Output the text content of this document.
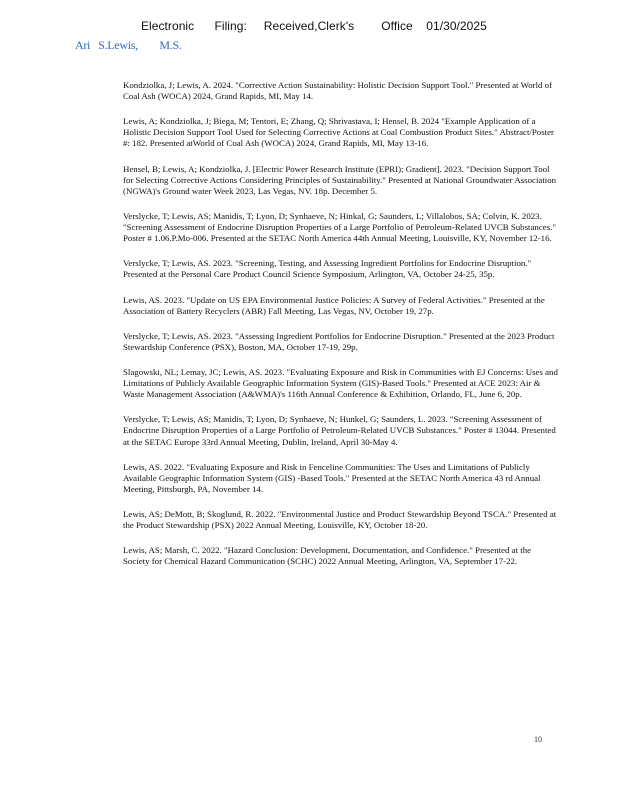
Electronic      Filing:     Received,Clerk's        Office    01/30/2025
Ari   S.Lewis,        M.S.

Kondziolka, J; Lewis, A. 2024. "Corrective Action Sustainability: Holistic Decision Support Tool." Presented at World of Coal Ash (WOCA) 2024, Grand Rapids, MI, May 14.

Lewis, A; Kondziolka, J; Biega, M; Tentori, E; Zhang, Q; Shrivastava, I; Hensel, B. 2024 "Example Application of a Holistic Decision Support Tool Used for Selecting Corrective Actions at Coal Combustion Product Sites." Abstract/Poster #: 182. Presented atWorld of Coal Ash (WOCA) 2024, Grand Rapids, MI, May 13-16.

Hensel, B; Lewis, A; Kondziolka, J. [Electric Power Research Institute (EPRI); Gradient]. 2023. "Decision Support Tool for Selecting Corrective Actions Considering Principles of Sustainability." Presented at National Groundwater Association (NGWA)'s Ground water Week 2023, Las Vegas, NV. 18p. December 5.

Verslycke, T; Lewis, AS; Manidis, T; Lyon, D; Synhaeve, N; Hinkal, G; Saunders, L; Villalobos, SA; Colvin, K. 2023. "Screening Assessment of Endocrine Disruption Properties of a Large Portfolio of Petroleum-Related UVCB Substances." Poster # 1.06.P.Mo-006. Presented at the SETAC North America 44th Annual Meeting, Louisville, KY, November 12-16.

Verslycke, T; Lewis, AS. 2023. "Screening, Testing, and Assessing Ingredient Portfolios for Endocrine Disruption." Presented at the Personal Care Product Council Science Symposium, Arlington, VA, October 24-25, 35p.

Lewis, AS. 2023. "Update on US EPA Environmental Justice Policies: A Survey of Federal Activities." Presented at the Association of Battery Recyclers (ABR) Fall Meeting, Las Vegas, NV, October 19, 27p.

Verslycke, T; Lewis, AS. 2023. "Assessing Ingredient Portfolios for Endocrine Disruption." Presented at the 2023 Product Stewardship Conference (PSX), Boston, MA, October 17-19, 29p.

Slagowski, NL; Lemay, JC; Lewis, AS. 2023. "Evaluating Exposure and Risk in Communities with EJ Concerns: Uses and Limitations of Publicly Available Geographic Information System (GIS)-Based Tools." Presented at ACE 2023: Air & Waste Management Association (A&WMA)'s 116th Annual Conference & Exhibition, Orlando, FL, June 6, 20p.

Verslycke, T; Lewis, AS; Manidis, T; Lyon, D; Synhaeve, N; Hunkel, G; Saunders, L. 2023. "Screening Assessment of Endocrine Disruption Properties of a Large Portfolio of Petroleum-Related UVCB Substances." Poster # 13044. Presented at the SETAC Europe 33rd Annual Meeting, Dublin, Ireland, April 30-May 4.

Lewis, AS. 2022. "Evaluating Exposure and Risk in Fenceline Communities: The Uses and Limitations of Publicly Available Geographic Information System (GIS) -Based Tools." Presented at the SETAC North America 43 rd Annual Meeting, Pittsburgh, PA, November 14.

Lewis, AS; DeMott, B; Skoglund, R. 2022. "Environmental Justice and Product Stewardship Beyond TSCA." Presented at the Product Stewardship (PSX) 2022 Annual Meeting, Louisville, KY, October 18-20.

Lewis, AS; Marsh, C. 2022. "Hazard Conclusion: Development, Documentation, and Confidence." Presented at the Society for Chemical Hazard Communication (SCHC) 2022 Annual Meeting, Arlington, VA, September 17-22.

10
